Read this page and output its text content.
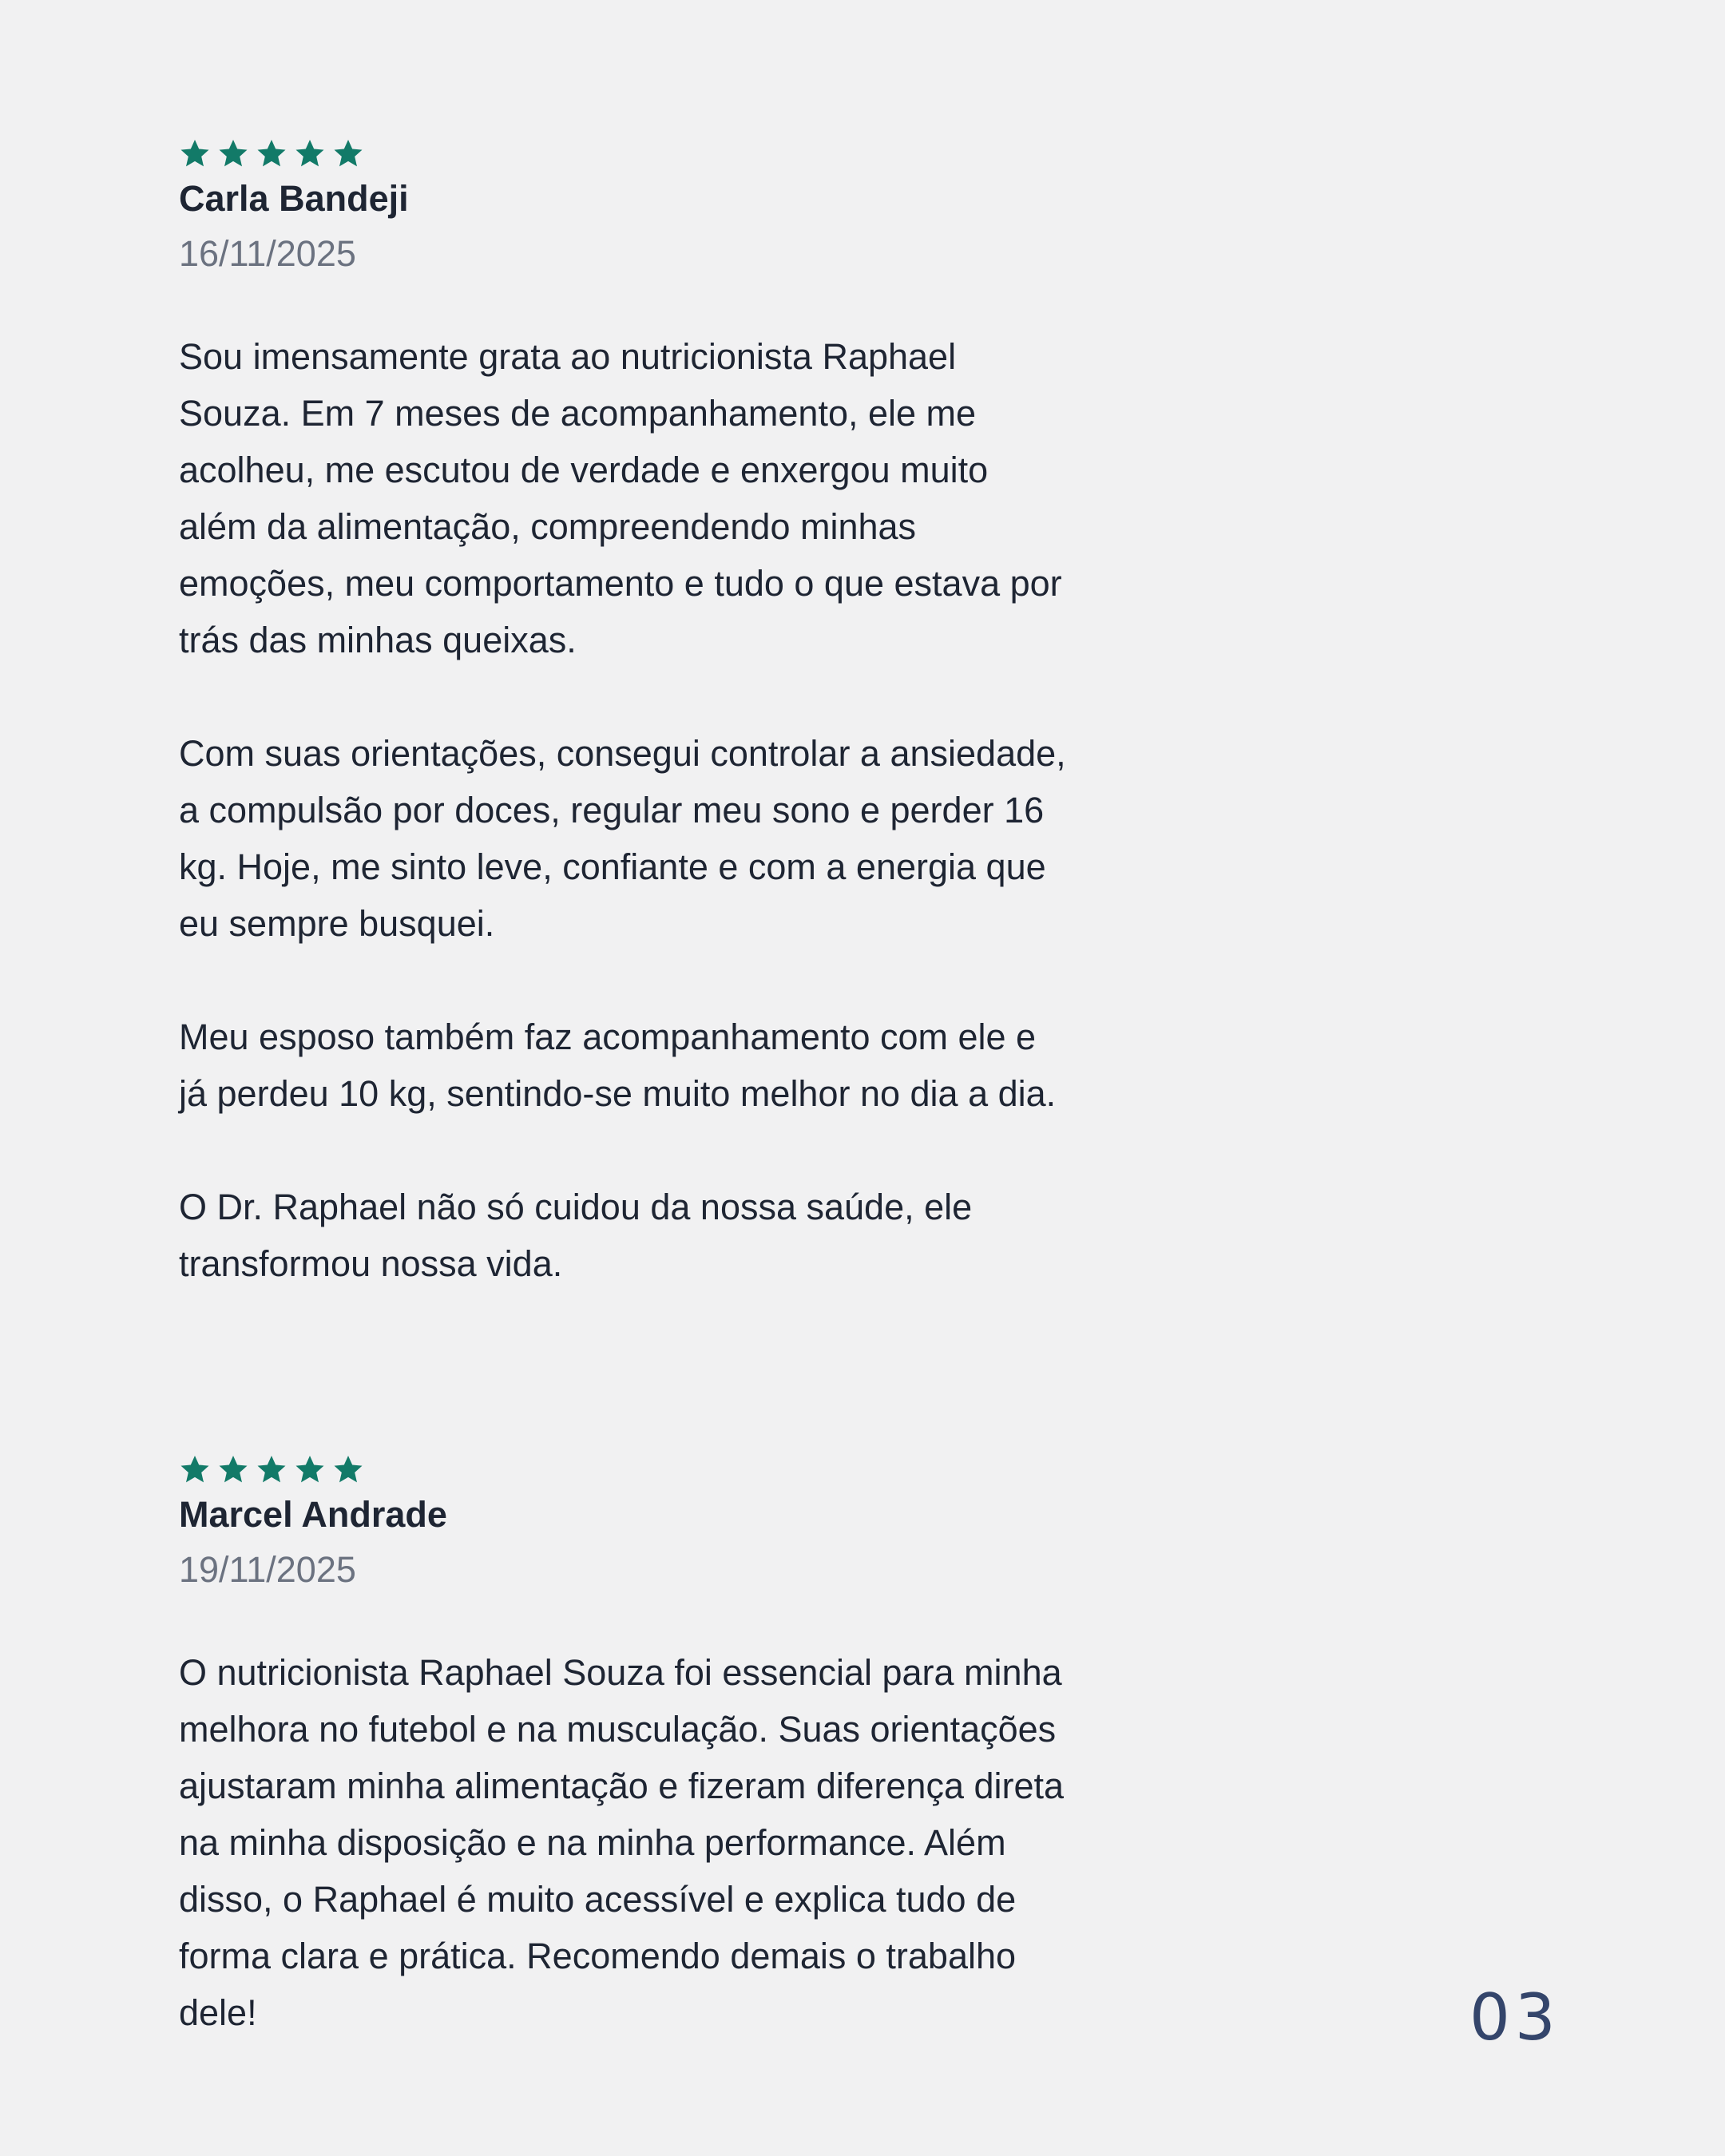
Carla Bandeji
16/11/2025

Sou imensamente grata ao nutricionista Raphael Souza. Em 7 meses de acompanhamento, ele me acolheu, me escutou de verdade e enxergou muito além da alimentação, compreendendo minhas emoções, meu comportamento e tudo o que estava por trás das minhas queixas.

Com suas orientações, consegui controlar a ansiedade, a compulsão por doces, regular meu sono e perder 16 kg. Hoje, me sinto leve, confiante e com a energia que eu sempre busquei.

Meu esposo também faz acompanhamento com ele e já perdeu 10 kg, sentindo-se muito melhor no dia a dia.

O Dr. Raphael não só cuidou da nossa saúde, ele transformou nossa vida.

Marcel Andrade
19/11/2025

O nutricionista Raphael Souza foi essencial para minha melhora no futebol e na musculação. Suas orientações ajustaram minha alimentação e fizeram diferença direta na minha disposição e na minha performance. Além disso, o Raphael é muito acessível e explica tudo de forma clara e prática. Recomendo demais o trabalho dele!	03
